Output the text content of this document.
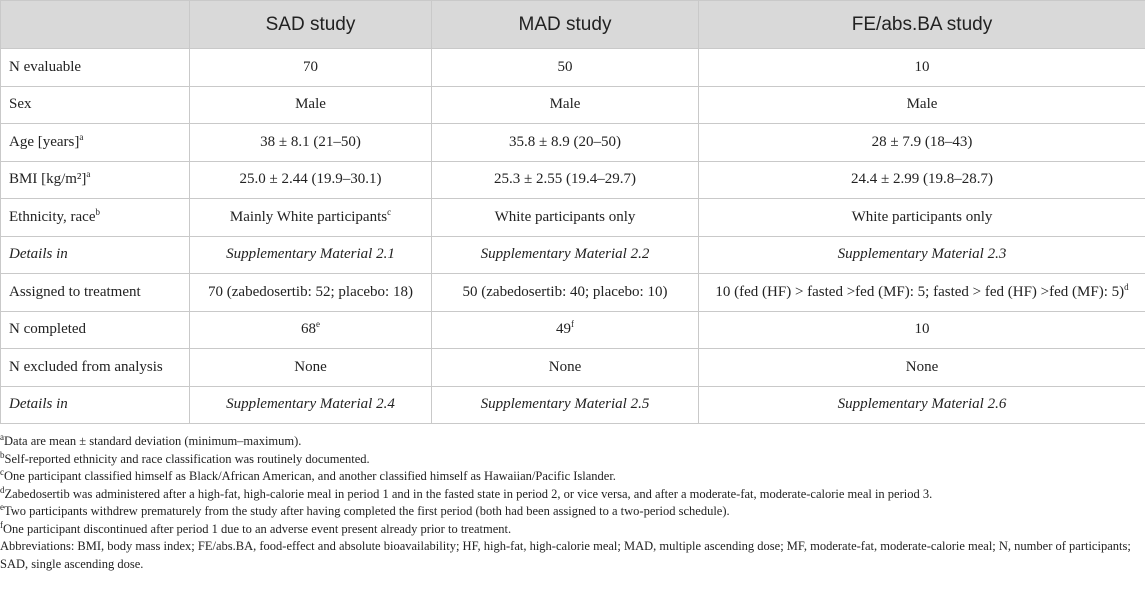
	SAD study	MAD study	FE/abs.BA study
N evaluable	70	50	10
Sex	Male	Male	Male
Age [years]$^a$	38 ± 8.1 (21–50)	35.8 ± 8.9 (20–50)	28 ± 7.9 (18–43)
BMI $[kg/m^2]^a$	25.0 ± 2.44 (19.9–30.1)	25.3 ± 2.55 (19.4–29.7)	24.4 ± 2.99 (19.8–28.7)
Ethnicity, race$^b$	Mainly White participants$^c$	White participants only	White participants only
Details in	Supplementary Material 2.1	Supplementary Material 2.2	Supplementary Material 2.3
Assigned to treatment	70 (zabedosertib: 52; placebo: 18)	50 (zabedosertib: 40; placebo: 10)	10 (fed (HF) > fasted >fed (MF): 5; fasted > fed (HF) >fed (MF): 5)$^d$
N completed	68e	49$^f$	10
N excluded from analysis	None	None	None
Details in	Supplementary Material 2.4	Supplementary Material 2.5	Supplementary Material 2.6
$^a$Data are mean ± standard deviation (minimum–maximum).
$^b$Self-reported ethnicity and race classification was routinely documented.
$^c$One participant classified himself as Black/African American, and another classified himself as Hawaiian/Pacific Islander.
$^d$Zabedosertib was administered after a high-fat, high-calorie meal in period 1 and in the fasted state in period 2, or vice versa, and after a moderate-fat, moderate-calorie meal in period 3.
$^e$Two participants withdrew prematurely from the study after having completed the first period (both had been assigned to a two-period schedule).
$^f$One participant discontinued after period 1 due to an adverse event present already prior to treatment.
Abbreviations: BMI, body mass index; FE/abs.BA, food-effect and absolute bioavailability; HF, high-fat, high-calorie meal; MAD, multiple ascending dose; MF, moderate-fat, moderate-calorie meal; N, number of participants; SAD, single ascending dose.
